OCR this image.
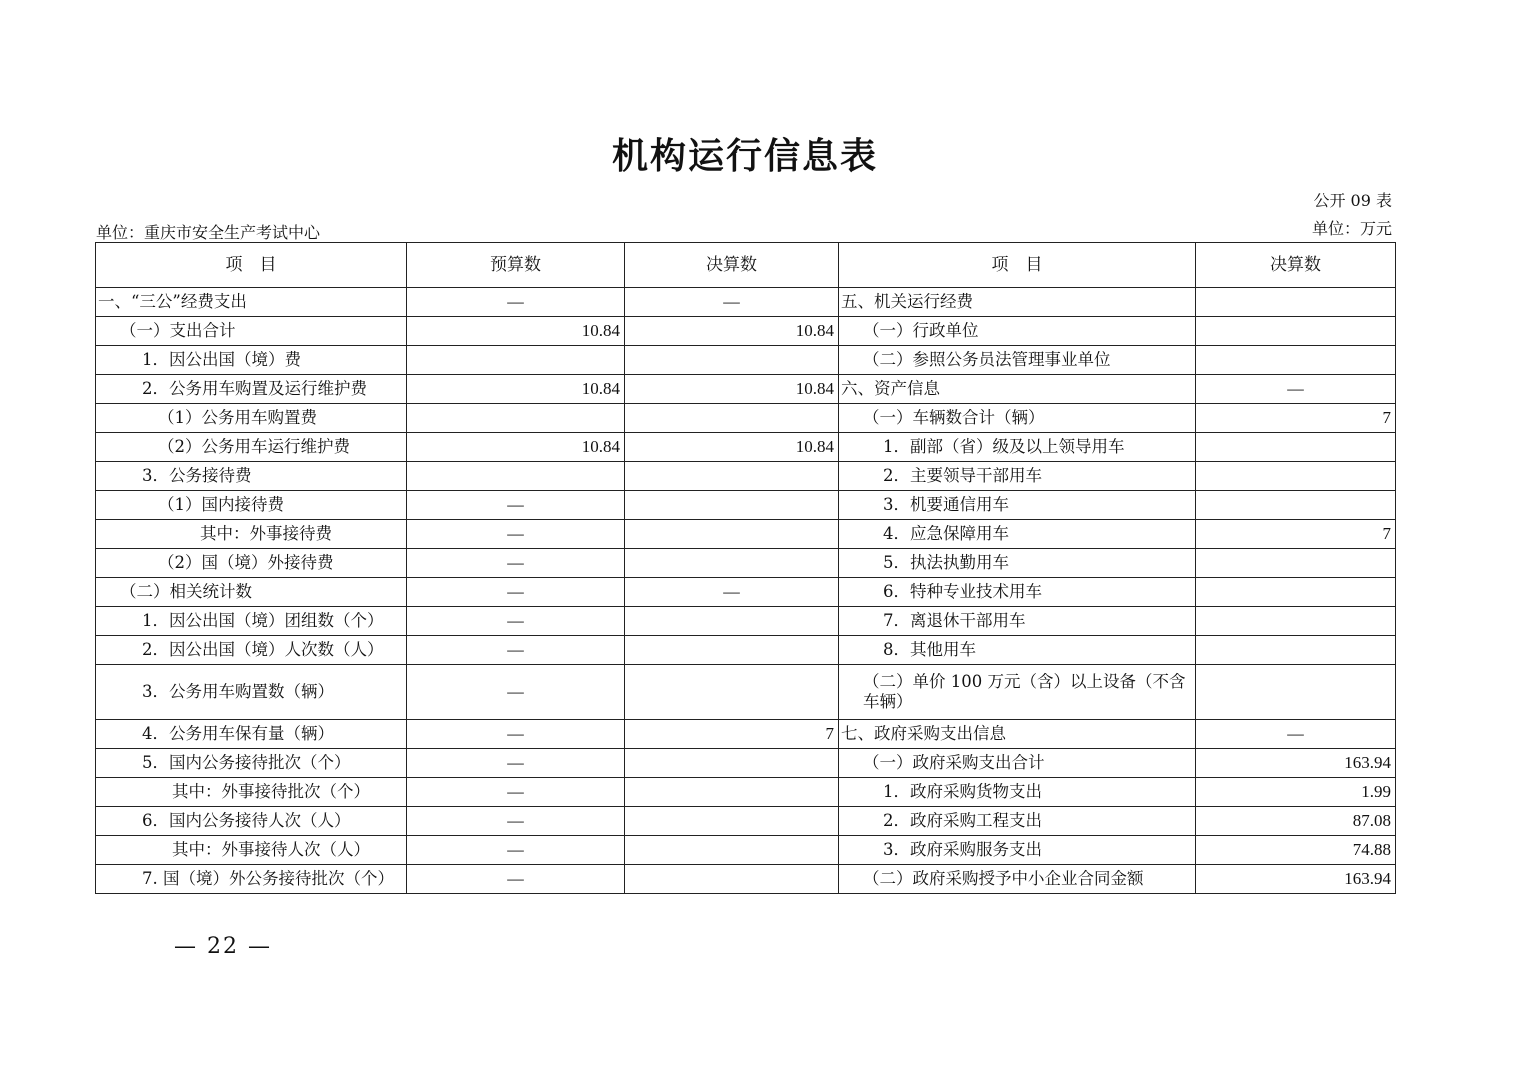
机构运行信息表
公开 09 表
单位：万元
单位：重庆市安全生产考试中心
项　目	预算数	决算数	项　目	决算数
一、“三公”经费支出	—	—	五、机关运行经费	
（一）支出合计	10.84	10.84	（一）行政单位	
1．因公出国（境）费			（二）参照公务员法管理事业单位	
2．公务用车购置及运行维护费	10.84	10.84	六、资产信息	—
（1）公务用车购置费			（一）车辆数合计（辆）	7
（2）公务用车运行维护费	10.84	10.84	1．副部（省）级及以上领导用车	
3．公务接待费			2．主要领导干部用车	
（1）国内接待费	—		3．机要通信用车	
其中：外事接待费	—		4．应急保障用车	7
（2）国（境）外接待费	—		5．执法执勤用车	
（二）相关统计数	—	—	6．特种专业技术用车	
1．因公出国（境）团组数（个）	—		7．离退休干部用车	
2．因公出国（境）人次数（人）	—		8．其他用车	
3．公务用车购置数（辆）	—		（二）单价 100 万元（含）以上设备（不含车辆）	
4．公务用车保有量（辆）	—	7	七、政府采购支出信息	—
5．国内公务接待批次（个）	—		（一）政府采购支出合计	163.94
其中：外事接待批次（个）	—		1．政府采购货物支出	1.99
6．国内公务接待人次（人）	—		2．政府采购工程支出	87.08
其中：外事接待人次（人）	—		3．政府采购服务支出	74.88
7. 国（境）外公务接待批次（个）	—		（二）政府采购授予中小企业合同金额	163.94
— 22 —
